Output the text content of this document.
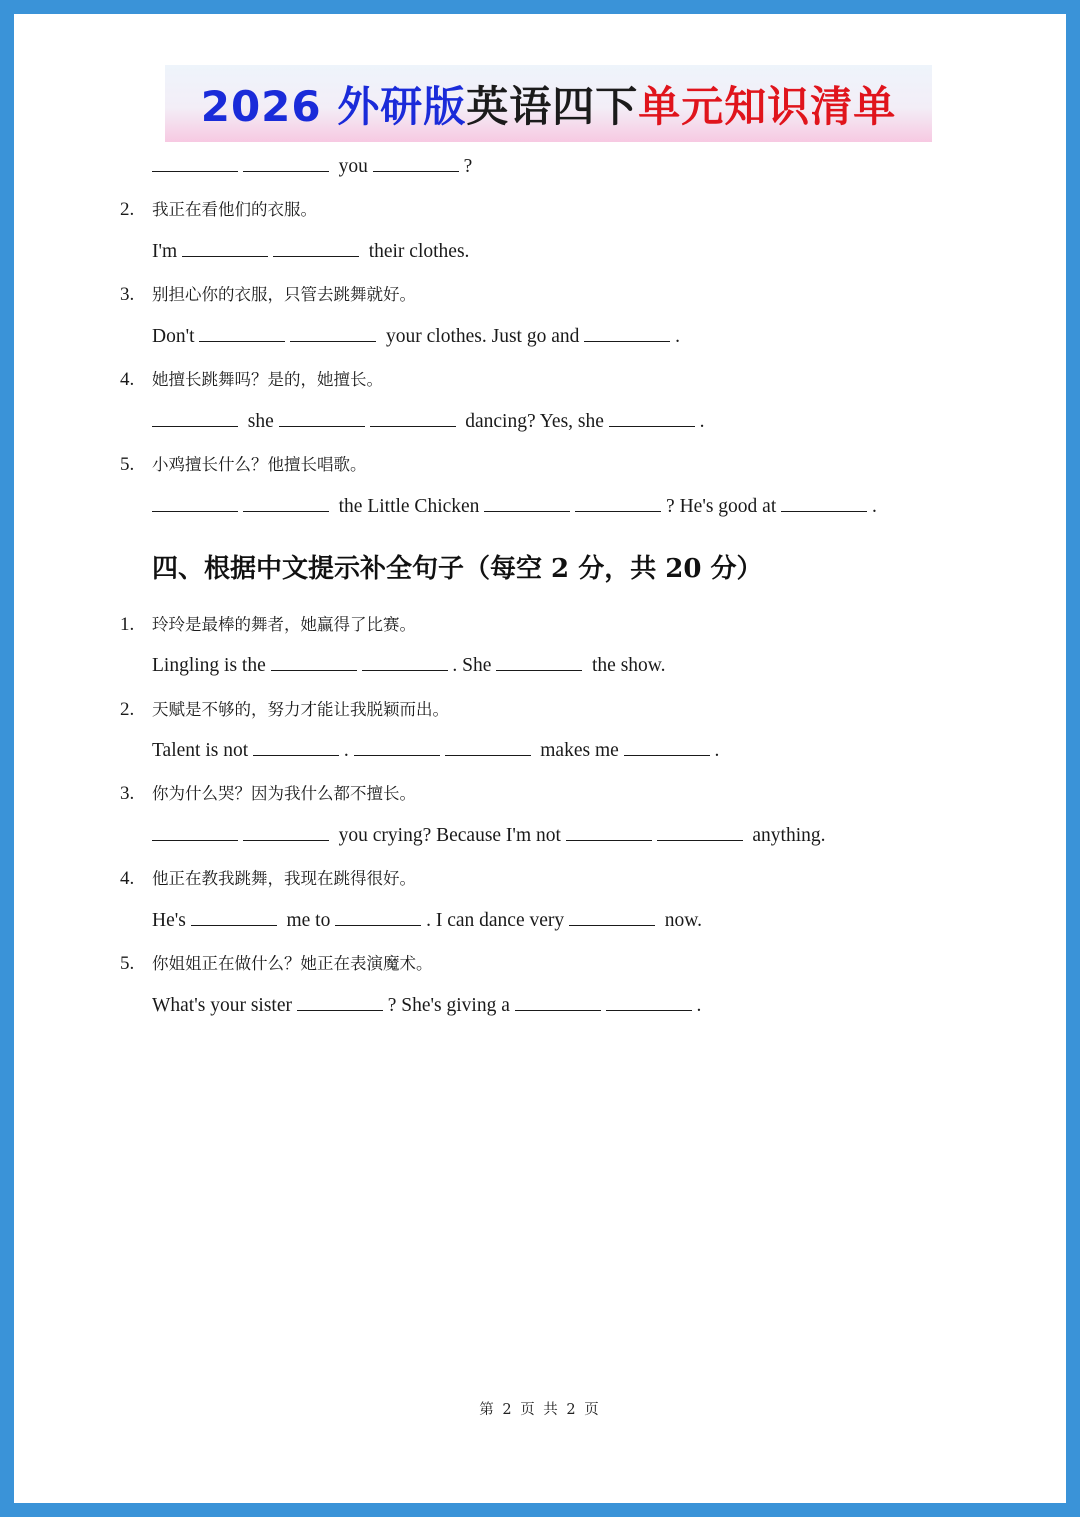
2026 外研版 英语四下 单元知识清单
you	?
2. 我正在看他们的衣服。
I'm	their clothes.
3. 别担心你的衣服，只管去跳舞就好。
Don't	your clothes. Just go and	.
4. 她擅长跳舞吗？是的，她擅长。
she	dancing? Yes, she	.
5. 小鸡擅长什么？他擅长唱歌。
the Little Chicken	? He's good at	.
四、根据中文提示补全句子（每空 2 分，共 20 分）
1. 玲玲是最棒的舞者，她赢得了比赛。
Lingling is the	. She	the show.
2. 天赋是不够的，努力才能让我脱颖而出。
Talent is not	.	makes me	.
3. 你为什么哭？因为我什么都不擅长。
you crying? Because I'm not	anything.
4. 他正在教我跳舞，我现在跳得很好。
He's	me to	. I can dance very	now.
5. 你姐姐正在做什么？她正在表演魔术。
What's your sister	? She's giving a	.
第 2 页 共 2 页
